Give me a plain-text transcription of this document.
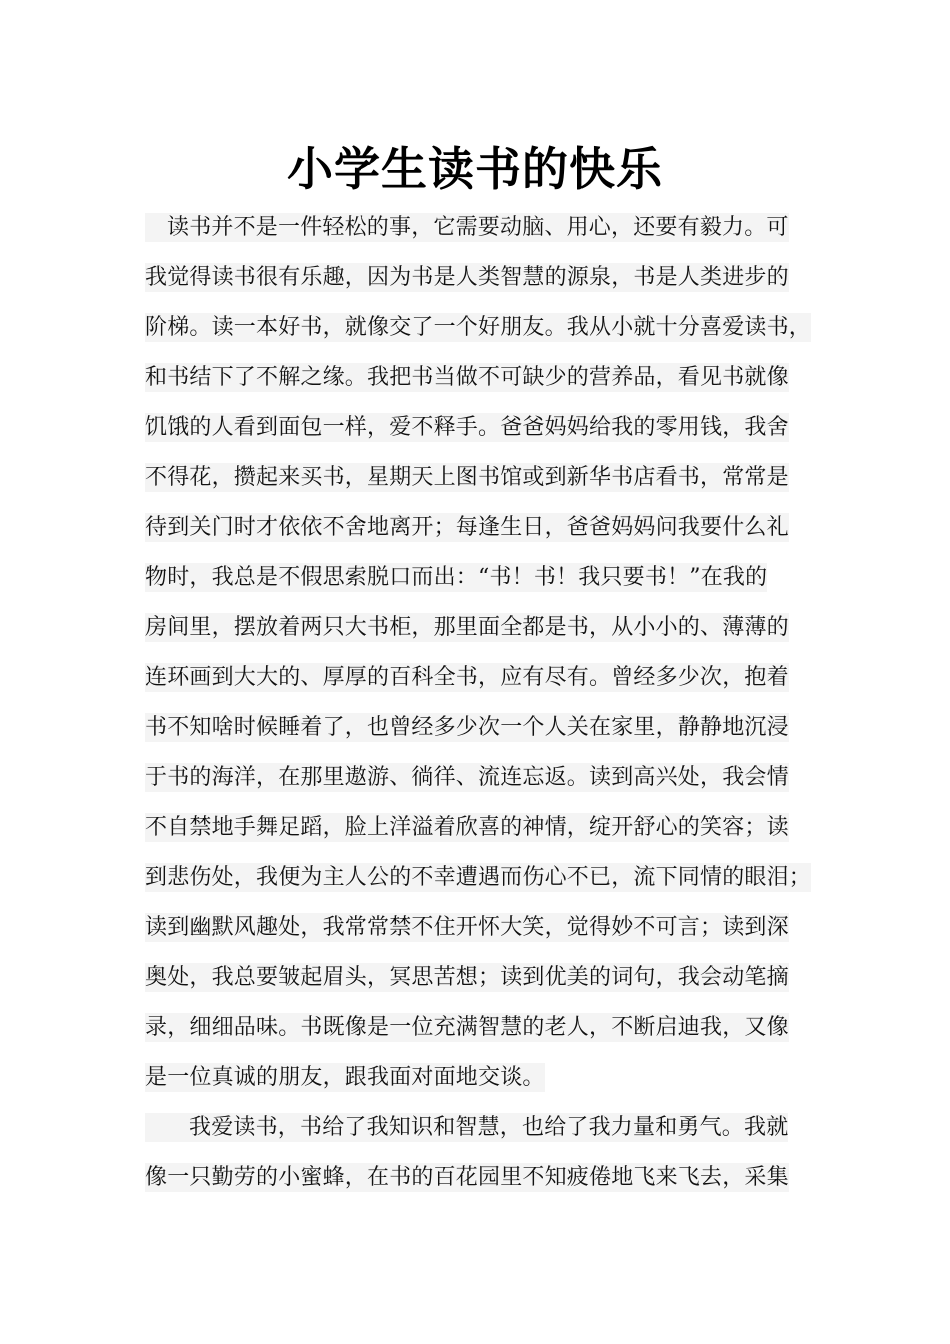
小学生读书的快乐
读书并不是一件轻松的事，它需要动脑、用心，还要有毅力。可
我觉得读书很有乐趣，因为书是人类智慧的源泉，书是人类进步的
阶梯。读一本好书，就像交了一个好朋友。我从小就十分喜爱读书，
和书结下了不解之缘。我把书当做不可缺少的营养品，看见书就像
饥饿的人看到面包一样，爱不释手。爸爸妈妈给我的零用钱，我舍
不得花，攒起来买书，星期天上图书馆或到新华书店看书，常常是
待到关门时才依依不舍地离开；每逢生日，爸爸妈妈问我要什么礼
物时，我总是不假思索脱口而出：“书！书！我只要书！”在我的
房间里，摆放着两只大书柜，那里面全都是书，从小小的、薄薄的
连环画到大大的、厚厚的百科全书，应有尽有。曾经多少次，抱着
书不知啥时候睡着了，也曾经多少次一个人关在家里，静静地沉浸
于书的海洋，在那里遨游、徜徉、流连忘返。读到高兴处，我会情
不自禁地手舞足蹈，脸上洋溢着欣喜的神情，绽开舒心的笑容；读
到悲伤处，我便为主人公的不幸遭遇而伤心不已，流下同情的眼泪；
读到幽默风趣处，我常常禁不住开怀大笑，觉得妙不可言；读到深
奥处，我总要皱起眉头，冥思苦想；读到优美的词句，我会动笔摘
录，细细品味。书既像是一位充满智慧的老人，不断启迪我，又像
是一位真诚的朋友，跟我面对面地交谈。
我爱读书，书给了我知识和智慧，也给了我力量和勇气。我就
像一只勤劳的小蜜蜂，在书的百花园里不知疲倦地飞来飞去，采集
